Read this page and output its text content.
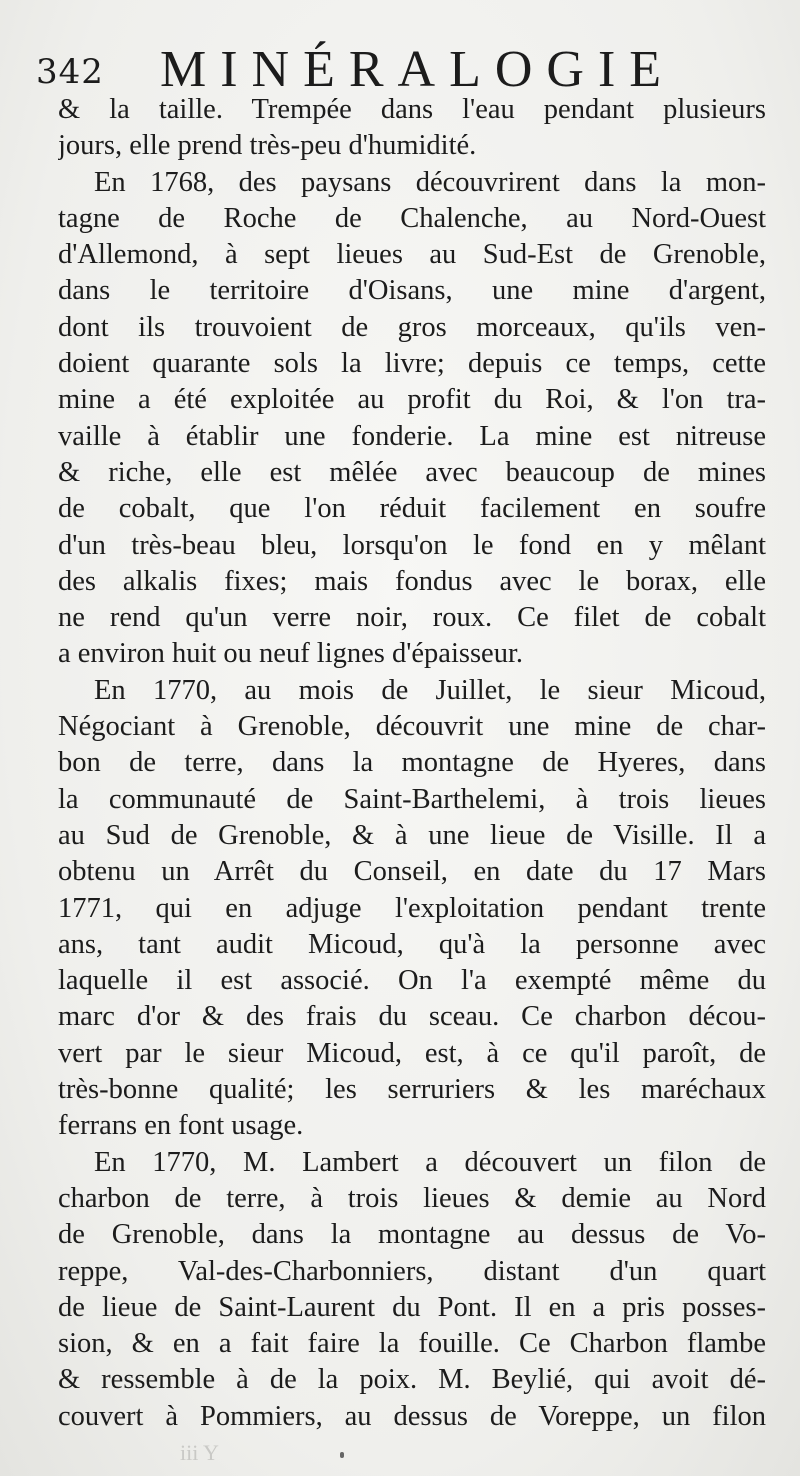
342 MINÉRALOGIE
& la taille. Trempée dans l'eau pendant plusieurs
jours, elle prend très-peu d'humidité.
En 1768, des paysans découvrirent dans la mon-
tagne de Roche de Chalenche, au Nord-Ouest
d'Allemond, à sept lieues au Sud-Est de Grenoble,
dans le territoire d'Oisans, une mine d'argent,
dont ils trouvoient de gros morceaux, qu'ils ven-
doient quarante sols la livre; depuis ce temps, cette
mine a été exploitée au profit du Roi, & l'on tra-
vaille à établir une fonderie. La mine est nitreuse
& riche, elle est mêlée avec beaucoup de mines
de cobalt, que l'on réduit facilement en soufre
d'un très-beau bleu, lorsqu'on le fond en y mêlant
des alkalis fixes; mais fondus avec le borax, elle
ne rend qu'un verre noir, roux. Ce filet de cobalt
a environ huit ou neuf lignes d'épaisseur.
En 1770, au mois de Juillet, le sieur Micoud,
Négociant à Grenoble, découvrit une mine de char-
bon de terre, dans la montagne de Hyeres, dans
la communauté de Saint-Barthelemi, à trois lieues
au Sud de Grenoble, & à une lieue de Visille. Il a
obtenu un Arrêt du Conseil, en date du 17 Mars
1771, qui en adjuge l'exploitation pendant trente
ans, tant audit Micoud, qu'à la personne avec
laquelle il est associé. On l'a exempté même du
marc d'or & des frais du sceau. Ce charbon décou-
vert par le sieur Micoud, est, à ce qu'il paroît, de
très-bonne qualité; les serruriers & les maréchaux
ferrans en font usage.
En 1770, M. Lambert a découvert un filon de
charbon de terre, à trois lieues & demie au Nord
de Grenoble, dans la montagne au dessus de Vo-
reppe, Val-des-Charbonniers, distant d'un quart
de lieue de Saint-Laurent du Pont. Il en a pris posses-
sion, & en a fait faire la fouille. Ce Charbon flambe
& ressemble à de la poix. M. Beylié, qui avoit dé-
couvert à Pommiers, au dessus de Voreppe, un filon
iii Y
